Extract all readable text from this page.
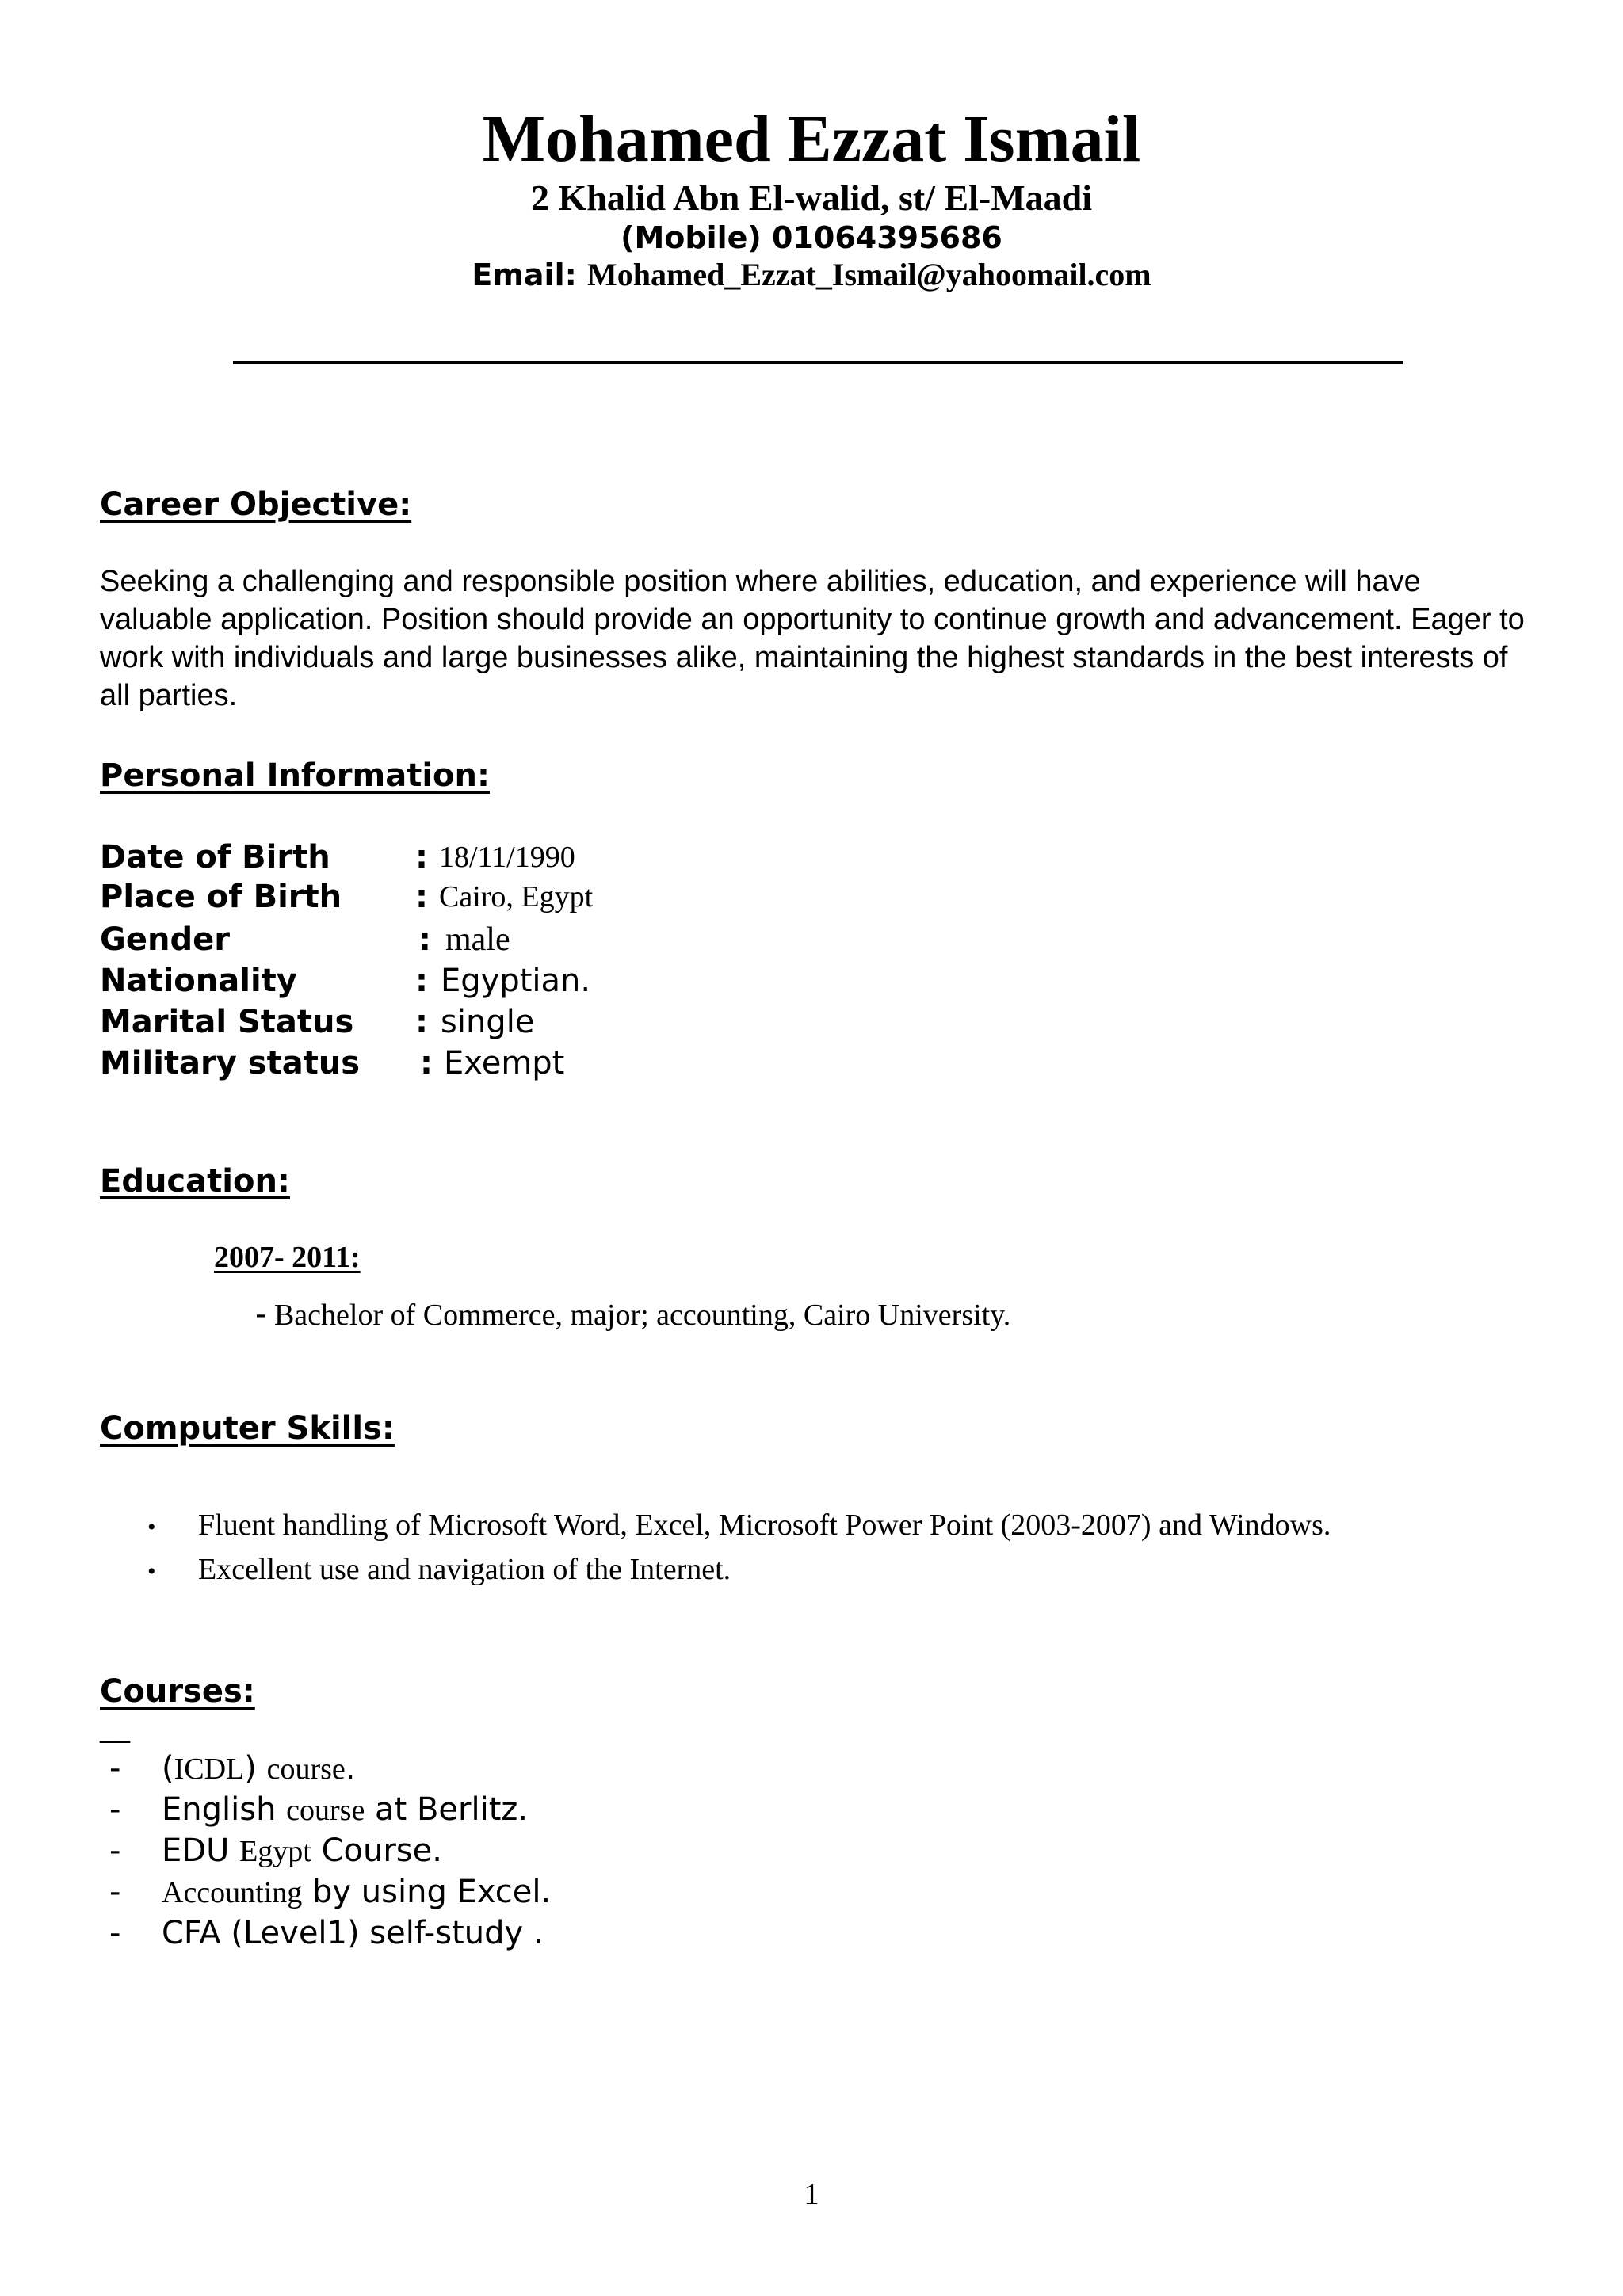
Mohamed Ezzat Ismail
2 Khalid Abn El-walid, st/ El-Maadi
(Mobile) 01064395686
Email: Mohamed_Ezzat_Ismail@yahoomail.com
Career Objective:
Seeking a challenging and responsible position where abilities, education, and experience will have valuable application. Position should provide an opportunity to continue growth and advancement. Eager to work with individuals and large businesses alike, maintaining the highest standards in the best interests of all parties.
Personal Information:
Date of Birth	: 18/11/1990
Place of Birth : Cairo, Egypt
Gender	: male
Nationality	: Egyptian.
Marital Status : single
Military status : Exempt
Education:
2007- 2011:
- Bachelor of Commerce, major; accounting, Cairo University.
Computer Skills:
• Fluent handling of Microsoft Word, Excel, Microsoft Power Point (2003-2007) and Windows.
• Excellent use and navigation of the Internet.
Courses:
__
- (ICDL) course.
- English course at Berlitz.
- EDU Egypt Course.
- Accounting by using Excel.
- CFA (Level1) self-study .
1
